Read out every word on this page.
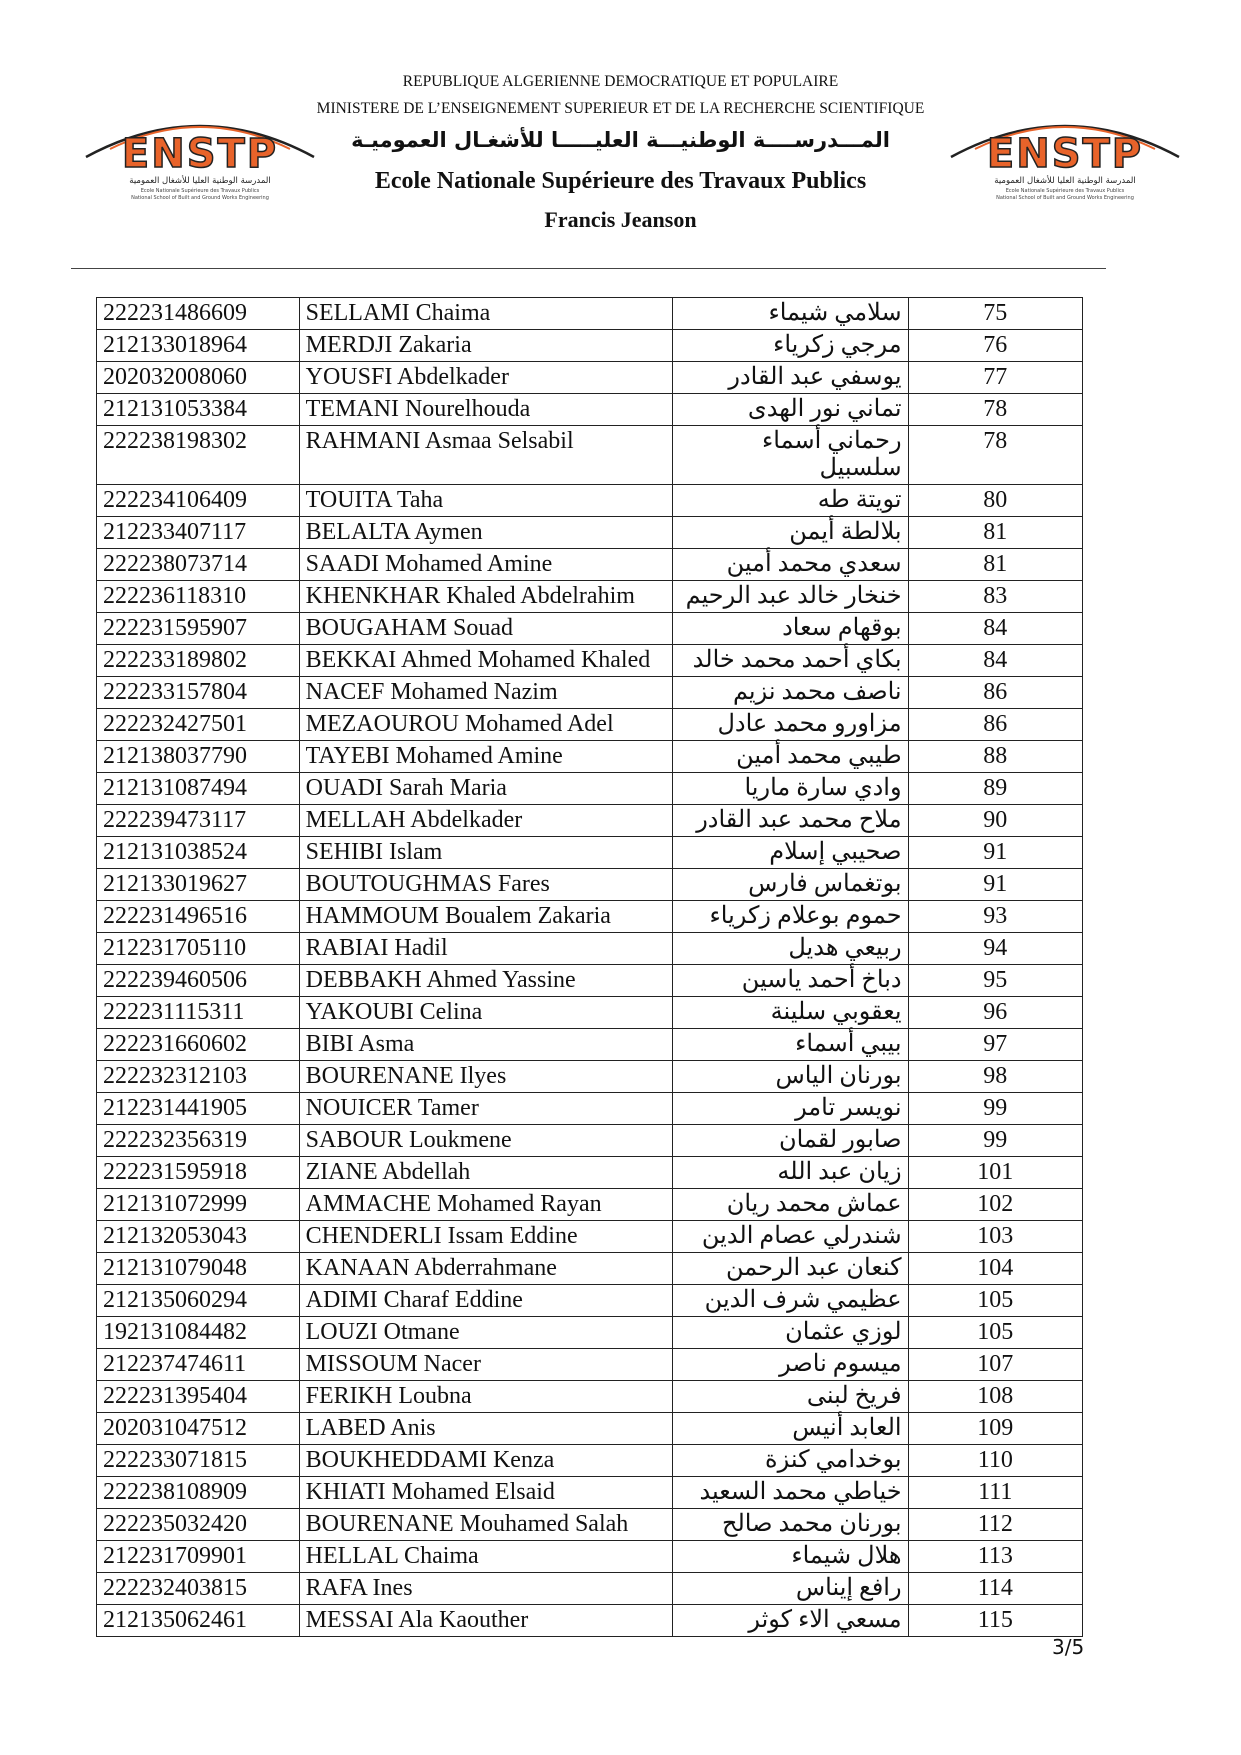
REPUBLIQUE ALGERIENNE DEMOCRATIQUE ET POPULAIRE
MINISTERE DE L’ENSEIGNEMENT SUPERIEUR ET DE LA RECHERCHE SCIENTIFIQUE
المـــدرســــة الوطنيـــة العليـــــا للأشغـال العموميـة
Ecole Nationale Supérieure des Travaux Publics
Francis Jeanson
ENSTP
المدرسة الوطنية العليا للأشغال العمومية
Ecole Nationale Supérieure des Travaux Publics
National School of Built and Ground Works Engineering
ENSTP
المدرسة الوطنية العليا للأشغال العمومية
Ecole Nationale Supérieure des Travaux Publics
National School of Built and Ground Works Engineering
222231486609	SELLAMI Chaima	سلامي شيماء	75
212133018964	MERDJI Zakaria	مرجي زكرياء	76
202032008060	YOUSFI Abdelkader	يوسفي عبد القادر	77
212131053384	TEMANI Nourelhouda	تماني نور الهدى	78
222238198302	RAHMANI Asmaa Selsabil	رحماني أسماء سلسبيل	78
222234106409	TOUITA Taha	تويتة طه	80
212233407117	BELALTA Aymen	بلالطة أيمن	81
222238073714	SAADI Mohamed Amine	سعدي محمد أمين	81
222236118310	KHENKHAR Khaled Abdelrahim	خنخار خالد عبد الرحيم	83
222231595907	BOUGAHAM Souad	بوقهام سعاد	84
222233189802	BEKKAI Ahmed Mohamed Khaled	بكاي أحمد محمد خالد	84
222233157804	NACEF Mohamed Nazim	ناصف محمد نزيم	86
222232427501	MEZAOUROU Mohamed Adel	مزاورو محمد عادل	86
212138037790	TAYEBI Mohamed Amine	طيبي محمد أمين	88
212131087494	OUADI Sarah Maria	وادي سارة ماريا	89
222239473117	MELLAH Abdelkader	ملاح محمد عبد القادر	90
212131038524	SEHIBI Islam	صحيبي إسلام	91
212133019627	BOUTOUGHMAS Fares	بوتغماس فارس	91
222231496516	HAMMOUM Boualem Zakaria	حموم بوعلام زكرياء	93
212231705110	RABIAI Hadil	ربيعي هديل	94
222239460506	DEBBAKH Ahmed Yassine	دباخ أحمد ياسين	95
222231115311	YAKOUBI Celina	يعقوبي سلينة	96
222231660602	BIBI Asma	بيبي أسماء	97
222232312103	BOURENANE Ilyes	بورنان الياس	98
212231441905	NOUICER Tamer	نويسر تامر	99
222232356319	SABOUR Loukmene	صابور لقمان	99
222231595918	ZIANE Abdellah	زيان عبد الله	101
212131072999	AMMACHE Mohamed Rayan	عماش محمد ريان	102
212132053043	CHENDERLI Issam Eddine	شندرلي عصام الدين	103
212131079048	KANAAN Abderrahmane	كنعان عبد الرحمن	104
212135060294	ADIMI Charaf Eddine	عظيمي شرف الدين	105
192131084482	LOUZI Otmane	لوزي عثمان	105
212237474611	MISSOUM Nacer	ميسوم ناصر	107
222231395404	FERIKH Loubna	فريخ لبنى	108
202031047512	LABED Anis	العابد أنيس	109
222233071815	BOUKHEDDAMI Kenza	بوخدامي كنزة	110
222238108909	KHIATI Mohamed Elsaid	خياطي محمد السعيد	111
222235032420	BOURENANE Mouhamed Salah	بورنان محمد صالح	112
212231709901	HELLAL Chaima	هلال شيماء	113
222232403815	RAFA Ines	رافع إيناس	114
212135062461	MESSAI Ala Kaouther	مسعي الاء كوثر	115
3/5
